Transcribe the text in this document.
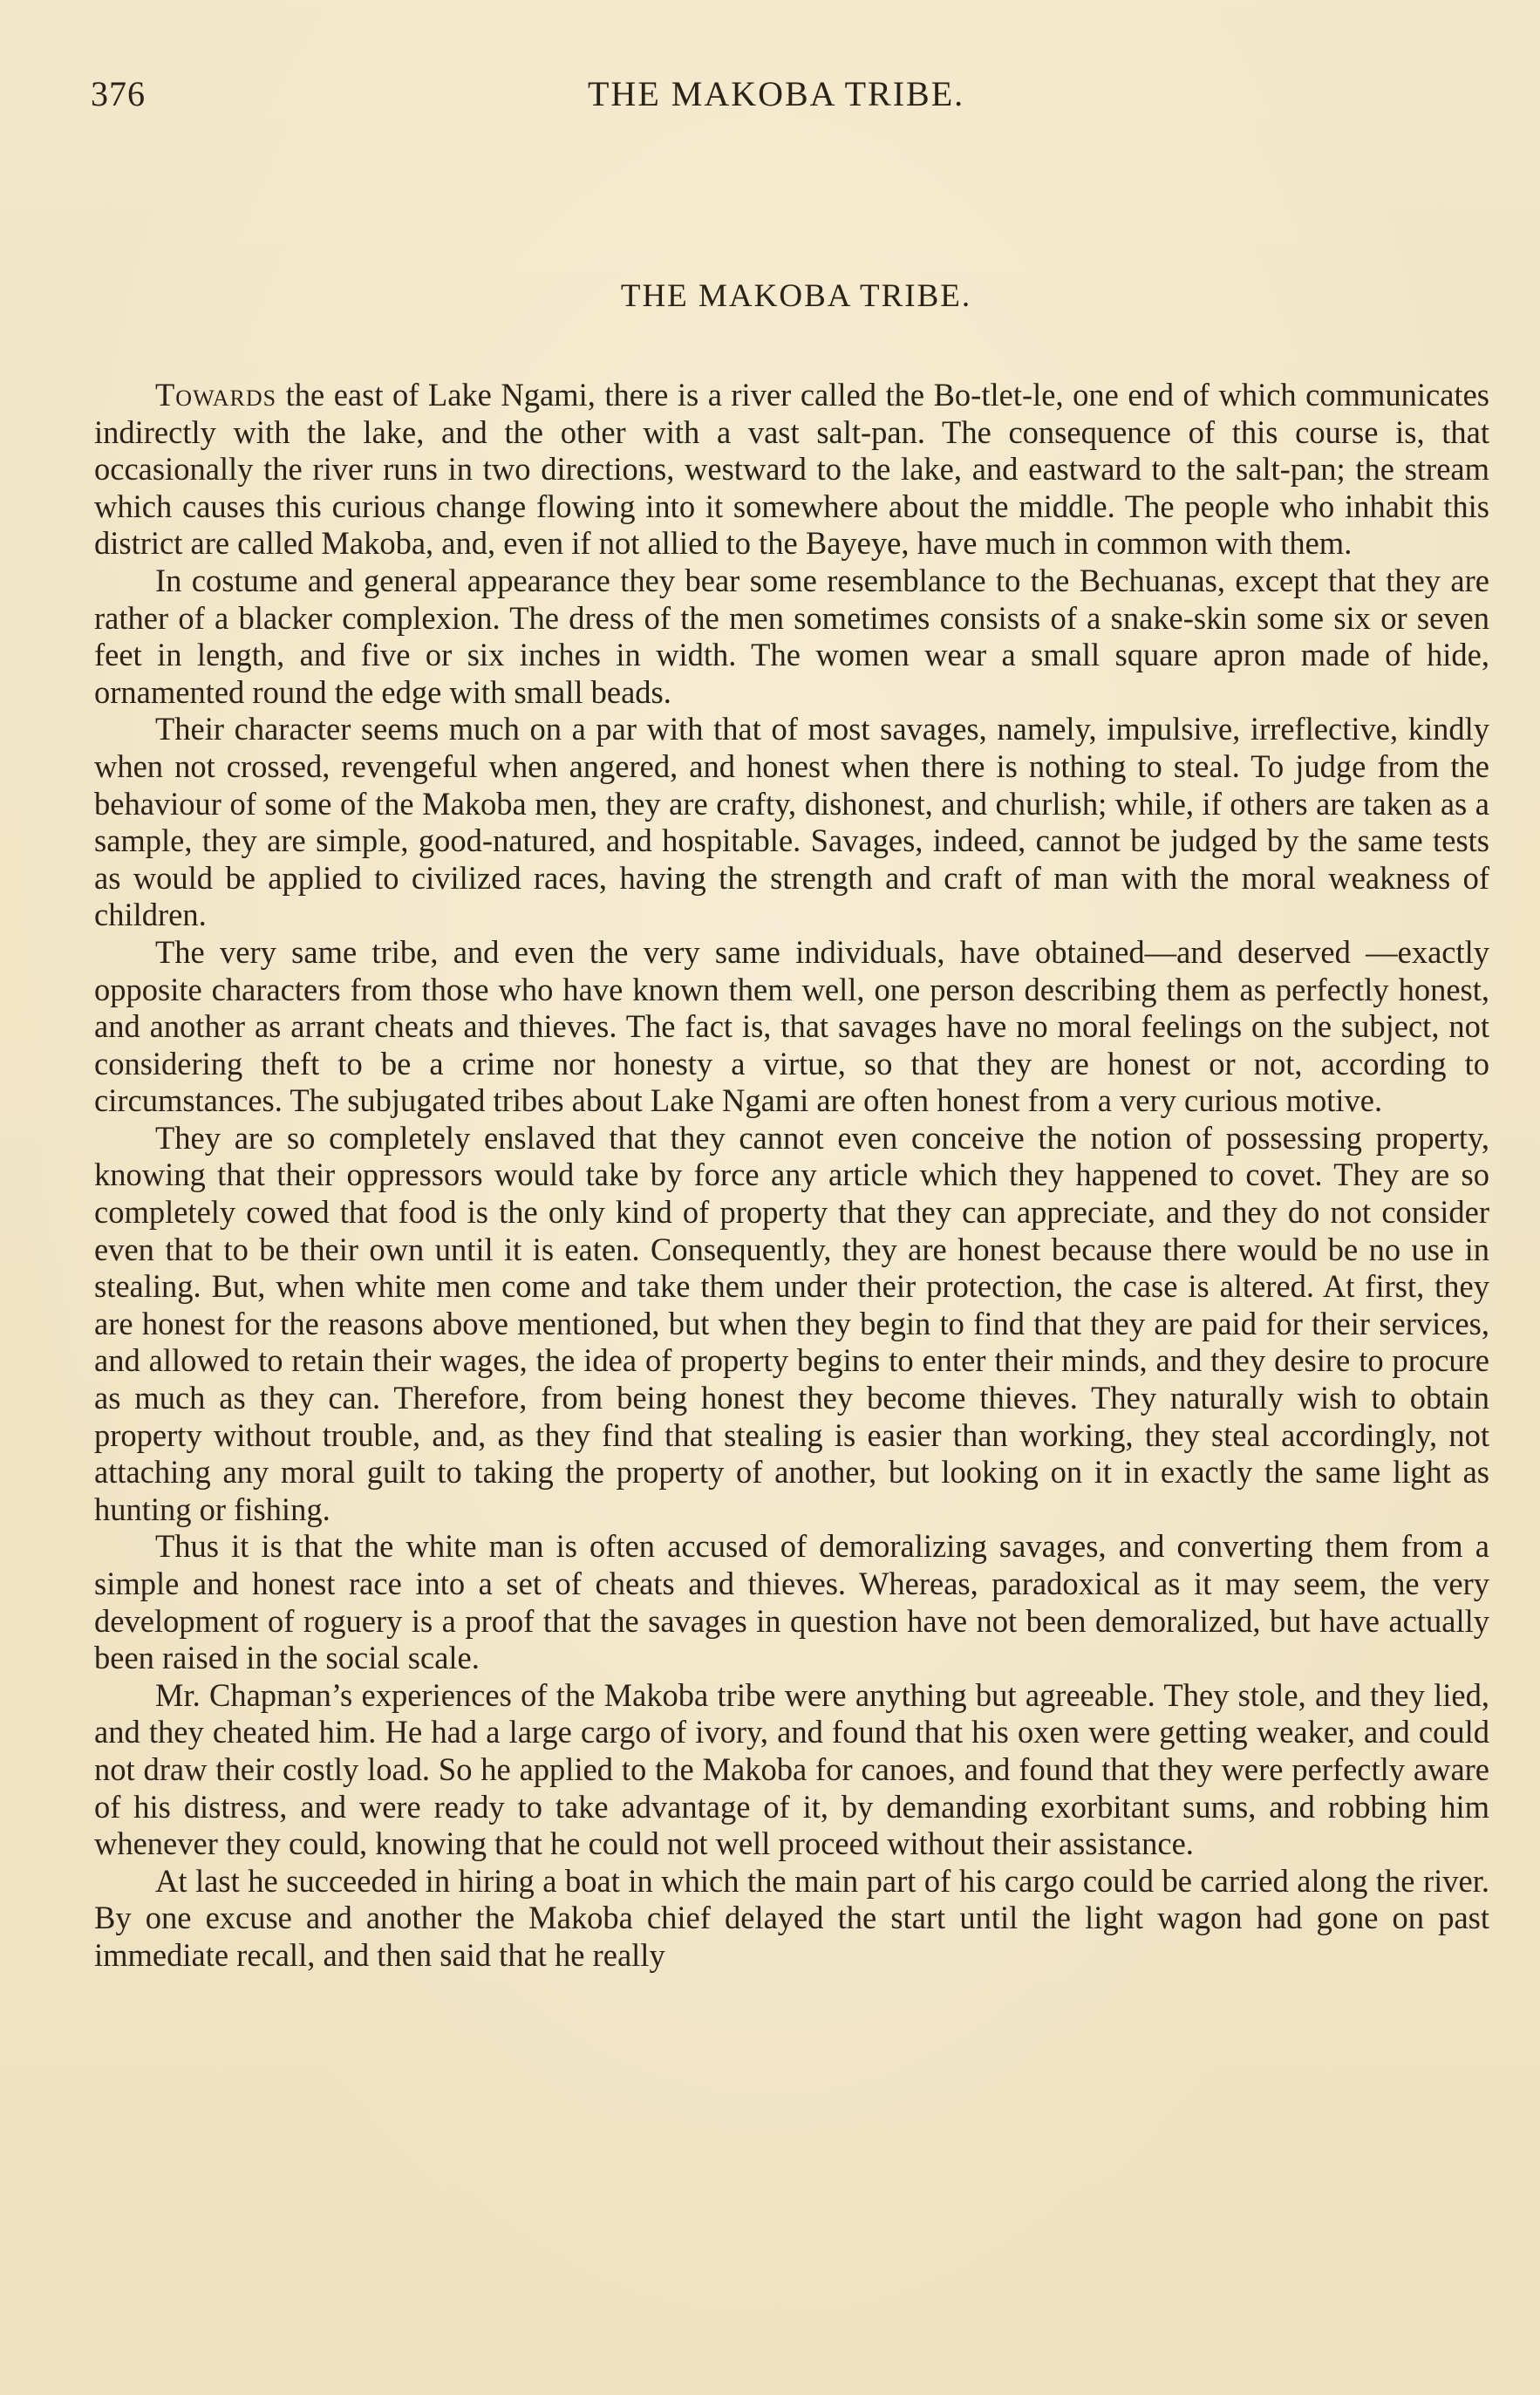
376	THE MAKOBA TRIBE.
THE MAKOBA TRIBE.

Towards the east of Lake Ngami, there is a river called the Bo-tlet-le, one end of which communicates indirectly with the lake, and the other with a vast salt-pan. The consequence of this course is, that occasionally the river runs in two directions, westward to the lake, and eastward to the salt-pan; the stream which causes this curious change flowing into it somewhere about the middle. The people who inhabit this district are called Makoba, and, even if not allied to the Bayeye, have much in common with them.

In costume and general appearance they bear some resemblance to the Bechuanas, except that they are rather of a blacker complexion. The dress of the men sometimes consists of a snake-skin some six or seven feet in length, and five or six inches in width. The women wear a small square apron made of hide, ornamented round the edge with small beads.

Their character seems much on a par with that of most savages, namely, impulsive, irreflective, kindly when not crossed, revengeful when angered, and honest when there is nothing to steal. To judge from the behaviour of some of the Makoba men, they are crafty, dishonest, and churlish; while, if others are taken as a sample, they are simple, good-natured, and hospitable. Savages, indeed, cannot be judged by the same tests as would be applied to civilized races, having the strength and craft of man with the moral weakness of children.

The very same tribe, and even the very same individuals, have obtained—and deserved —exactly opposite characters from those who have known them well, one person describing them as perfectly honest, and another as arrant cheats and thieves. The fact is, that savages have no moral feelings on the subject, not considering theft to be a crime nor honesty a virtue, so that they are honest or not, according to circumstances. The subjugated tribes about Lake Ngami are often honest from a very curious motive.

They are so completely enslaved that they cannot even conceive the notion of possessing property, knowing that their oppressors would take by force any article which they happened to covet. They are so completely cowed that food is the only kind of property that they can appreciate, and they do not consider even that to be their own until it is eaten. Consequently, they are honest because there would be no use in stealing. But, when white men come and take them under their protection, the case is altered. At first, they are honest for the reasons above mentioned, but when they begin to find that they are paid for their services, and allowed to retain their wages, the idea of property begins to enter their minds, and they desire to procure as much as they can. Therefore, from being honest they become thieves. They naturally wish to obtain property without trouble, and, as they find that stealing is easier than working, they steal accordingly, not attaching any moral guilt to taking the property of another, but looking on it in exactly the same light as hunting or fishing.

Thus it is that the white man is often accused of demoralizing savages, and converting them from a simple and honest race into a set of cheats and thieves. Whereas, paradoxical as it may seem, the very development of roguery is a proof that the savages in question have not been demoralized, but have actually been raised in the social scale.

Mr. Chapman’s experiences of the Makoba tribe were anything but agreeable. They stole, and they lied, and they cheated him. He had a large cargo of ivory, and found that his oxen were getting weaker, and could not draw their costly load. So he applied to the Makoba for canoes, and found that they were perfectly aware of his distress, and were ready to take advantage of it, by demanding exorbitant sums, and robbing him whenever they could, knowing that he could not well proceed without their assistance.

At last he succeeded in hiring a boat in which the main part of his cargo could be carried along the river. By one excuse and another the Makoba chief delayed the start until the light wagon had gone on past immediate recall, and then said that he really
